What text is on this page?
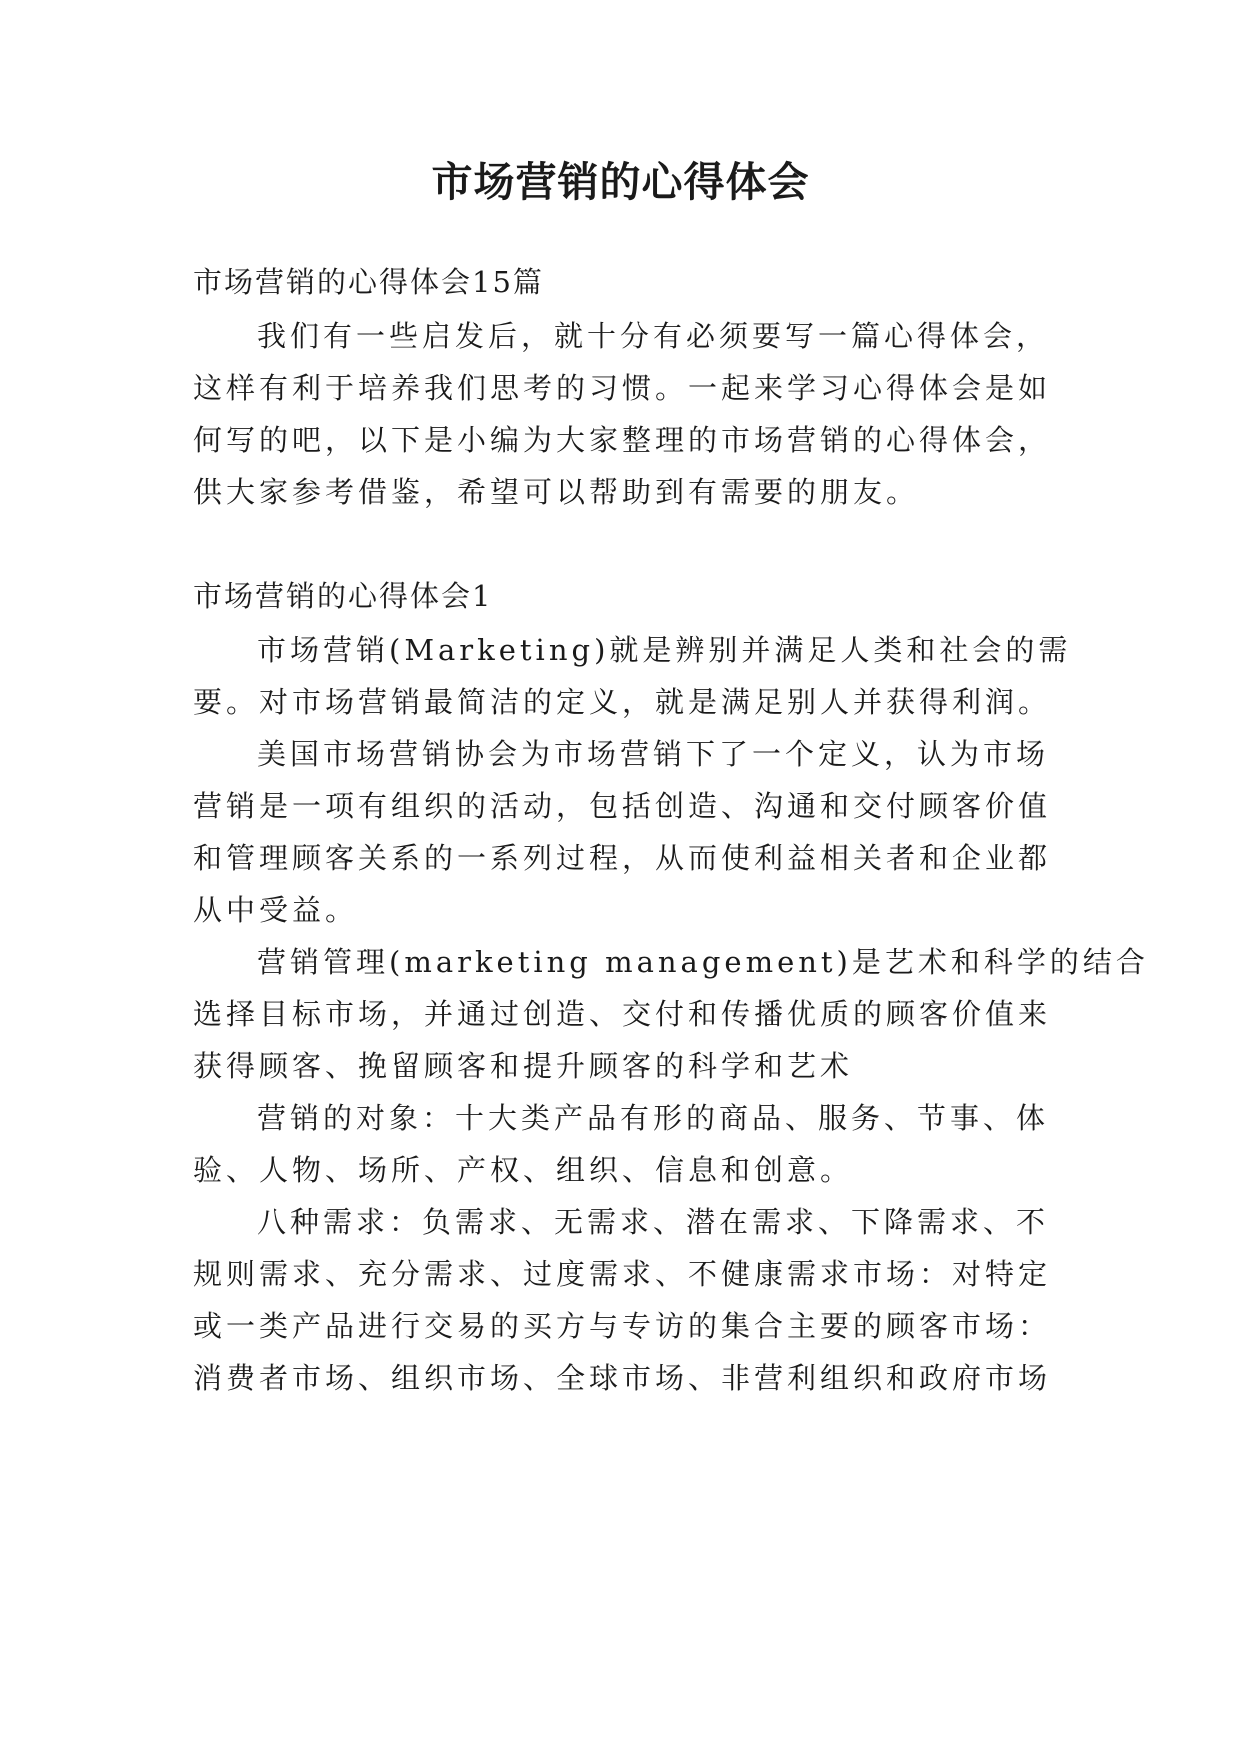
市场营销的心得体会

市场营销的心得体会15篇

我们有一些启发后，就十分有必须要写一篇心得体会，

这样有利于培养我们思考的习惯。一起来学习心得体会是如

何写的吧，以下是小编为大家整理的市场营销的心得体会，

供大家参考借鉴，希望可以帮助到有需要的朋友。

市场营销的心得体会1

市场营销(Marketing)就是辨别并满足人类和社会的需

要。对市场营销最简洁的定义，就是满足别人并获得利润。

美国市场营销协会为市场营销下了一个定义，认为市场

营销是一项有组织的活动，包括创造、沟通和交付顾客价值

和管理顾客关系的一系列过程，从而使利益相关者和企业都

从中受益。

营销管理(marketing management)是艺术和科学的结合

选择目标市场，并通过创造、交付和传播优质的顾客价值来

获得顾客、挽留顾客和提升顾客的科学和艺术

营销的对象：十大类产品有形的商品、服务、节事、体

验、人物、场所、产权、组织、信息和创意。

八种需求：负需求、无需求、潜在需求、下降需求、不

规则需求、充分需求、过度需求、不健康需求市场：对特定

或一类产品进行交易的买方与专访的集合主要的顾客市场：

消费者市场、组织市场、全球市场、非营利组织和政府市场
